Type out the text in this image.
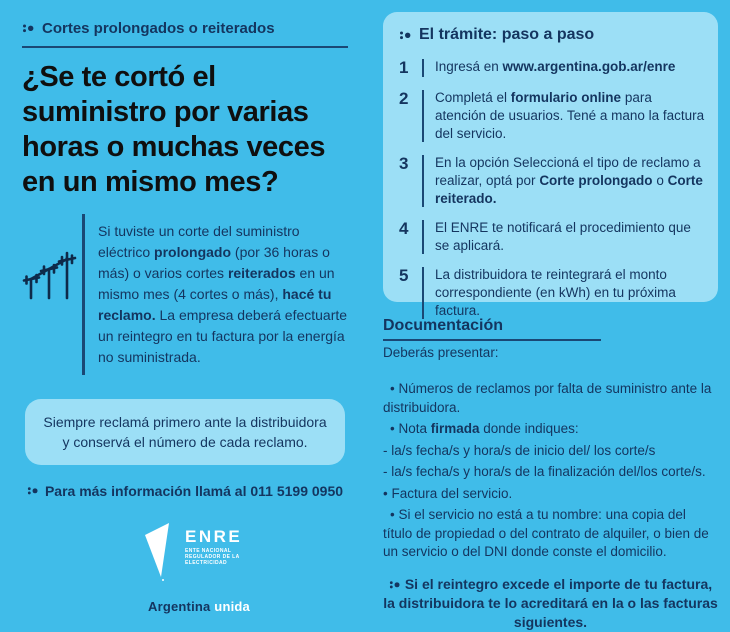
Cortes prolongados o reiterados
¿Se te cortó el suministro por varias horas o muchas veces en un mismo mes?

Si tuviste un corte del suministro eléctrico prolongado (por 36 horas o más) o varios cortes reiterados en un mismo mes (4 cortes o más), hacé tu reclamo. La empresa deberá efectuarte un reintegro en tu factura por la energía no suministrada.

Siempre reclamá primero ante la distribuidora y conservá el número de cada reclamo.
Para más información llamá al 011 5199 0950
ENRE
ENTE NACIONAL REGULADOR DE LA ELECTRICIDAD
Argentina unida
El trámite: paso a paso
1	Ingresá en www.argentina.gob.ar/enre

2	Completá el formulario online para atención de usuarios. Tené a mano la factura del servicio.

3	En la opción Seleccioná el tipo de reclamo a realizar, optá por Corte prolongado o Corte reiterado.

4	El ENRE te notificará el procedimiento que se aplicará.

5	La distribuidora te reintegrará el monto correspondiente (en kWh) en tu próxima factura.

Documentación
Deberás presentar:

• Números de reclamos por falta de suministro ante la distribuidora.

• Nota firmada donde indiques:

- la/s fecha/s y hora/s de inicio del/ los corte/s

- la/s fecha/s y hora/s de la finalización del/los corte/s.

• Factura del servicio.

• Si el servicio no está a tu nombre: una copia del título de propiedad o del contrato de alquiler, o bien de un servicio o del DNI donde conste el domicilio.

Si el reintegro excede el importe de tu factura, la distribuidora te lo acreditará en la o las facturas siguientes.
